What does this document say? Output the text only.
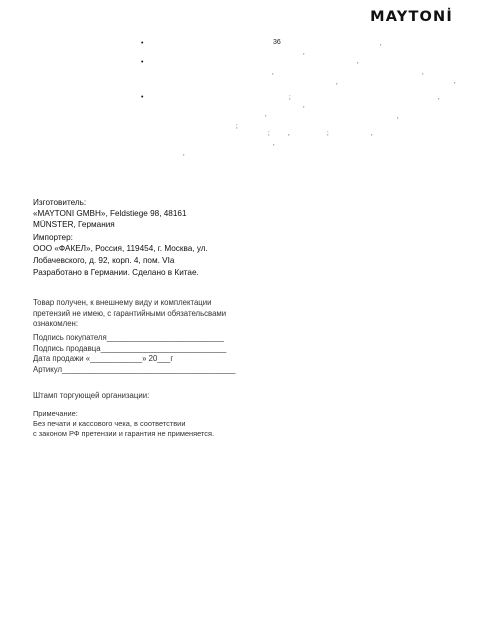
MAYTONİ
•
•
•
36	,
,
,
,	,
,	,
;	,
,
,
;
;	,	;	,
,
,
,
Изготовитель:
«MAYTONI GMBH», Feldstiege 98, 48161
MÜNSTER, Германия
Импортер:
ООО «ФАКЕЛ», Россия, 119454, г. Москва, ул.
Лобачевского, д. 92, корп. 4, пом. VIa
Разработано в Германии. Сделано в Китае.
Товар получен, к внешнему виду и комплектации
претензий не имею, с гарантийными обязательсвами
ознакомлен:
Подпись покупателя___________________________
Подпись продавца_____________________________
Дата продажи «____________» 20___г
Артикул________________________________________
Штамп торгующей организации:
Примечание:
Без печати и кассового чека, в соответствии
с законом РФ претензии и гарантия не применяется.
